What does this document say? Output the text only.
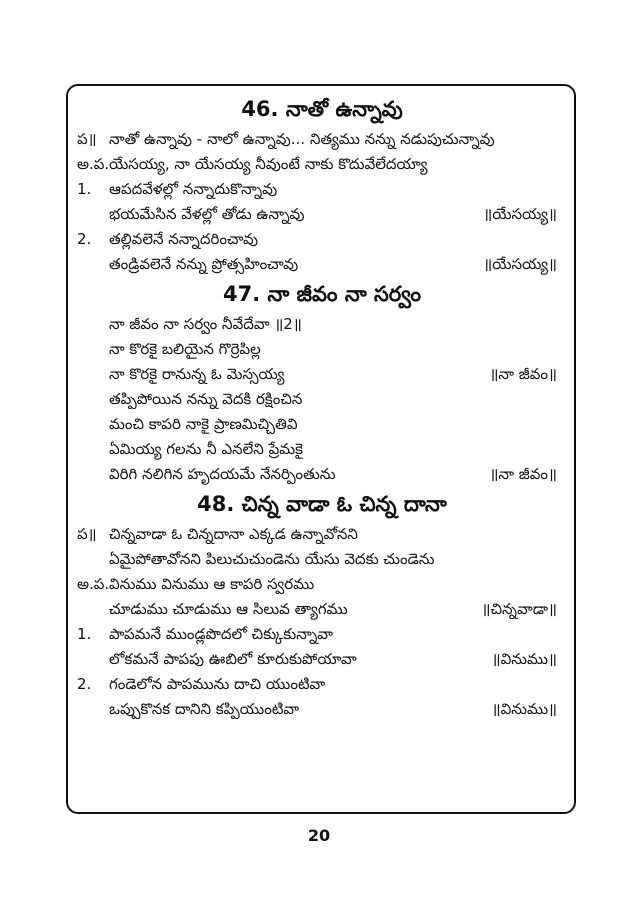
46. నాతో ఉన్నావు
ప॥ నాతో ఉన్నావు - నాలో ఉన్నావు... నిత్యము నన్ను నడుపుచున్నావు
అ.ప. యేసయ్య, నా యేసయ్య నీవుంటే నాకు కొదువేలేదయ్యా
1. ఆపదవేళల్లో నన్నాదుకొన్నావు
భయమేసిన వేళల్లో తోడు ఉన్నావు	॥యేసయ్య॥
2. తల్లివలెనే నన్నాదరించావు
తండ్రివలెనే నన్ను ప్రోత్సహించావు	॥యేసయ్య॥
47. నా జీవం నా సర్వం
నా జీవం నా సర్వం నీవేదేవా ॥2॥
నా కొరకై బలియైన గొర్రెపిల్ల
నా కొరకై రానున్న ఓ మెస్సయ్య	॥నా జీవం॥
తప్పిపోయిన నన్ను వెదకి రక్షించిన
మంచి కాపరి నాకై ప్రాణమిచ్చితివి
ఏమియ్య గలను నీ ఎనలేని ప్రేమకై
విరిగి నలిగిన హృదయమే నేనర్పింతును	॥నా జీవం॥
48. చిన్న వాడా ఓ చిన్న దానా
ప॥ చిన్నవాడా ఓ చిన్నదానా ఎక్కడ ఉన్నావోనని
ఏమైపోతావోనని పిలుచుచుండెను యేసు వెదకు చుండెను
అ.ప. వినుము వినుము ఆ కాపరి స్వరము
చూడుము చూడుము ఆ సిలువ త్యాగము	॥చిన్నవాడా॥
1. పాపమనే ముండ్లపొదలో చిక్కుకున్నావా
లోకమనే పాపపు ఊబిలో కూరుకుపోయావా	॥వినుము॥
2. గండెలోన పాపమును దాచి యుంటివా
ఒప్పుకొనక దానిని కప్పియుంటివా	॥వినుము॥
20
